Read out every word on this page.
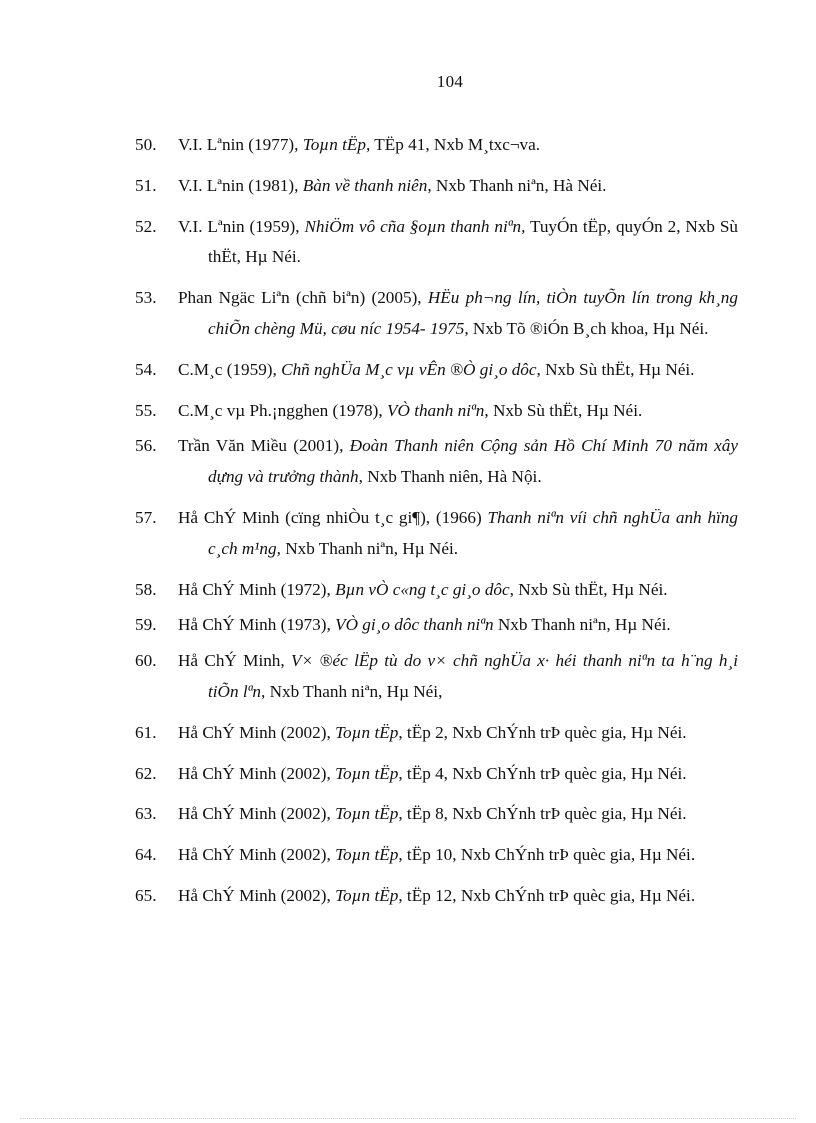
104
50.	V.I. Lªnin (1977), Toµn tËp, TËp 41, Nxb M¸txc¬va.
51.	V.I. Lªnin (1981), Bàn về thanh niên, Nxb Thanh niªn, Hà Néi.
52.	V.I. Lªnin (1959), NhiÖm vô cña §oµn thanh niªn, TuyÓn tËp, quyÓn 2, Nxb Sù thËt, Hµ Néi.
53.	Phan Ngäc Liªn (chñ biªn) (2005), HËu ph¬ng lín, tiÒn tuyÕn lín trong kh¸ng chiÕn chèng Mü, cøu níc 1954- 1975, Nxb Tõ ®iÓn B¸ch khoa, Hµ Néi.
54.	C.M¸c (1959), Chñ nghÜa M¸c vµ vÊn ®Ò gi¸o dôc, Nxb Sù thËt, Hµ Néi.
55.	C.M¸c vµ Ph.¡ngghen (1978), VÒ thanh niªn, Nxb Sù thËt, Hµ Néi.
56.	Trần Văn Miều (2001), Đoàn Thanh niên Cộng sản Hồ Chí Minh 70 năm xây dựng và trưởng thành, Nxb Thanh niên, Hà Nội.
57.	Hå ChÝ Minh (cïng nhiÒu t¸c gi¶), (1966) Thanh niªn víi chñ nghÜa anh hïng c¸ch m¹ng, Nxb Thanh niªn, Hµ Néi.
58.	Hå ChÝ Minh (1972), Bµn vÒ c«ng t¸c gi¸o dôc, Nxb Sù thËt, Hµ Néi.
59.	Hå ChÝ Minh (1973), VÒ gi¸o dôc thanh niªn Nxb Thanh niªn, Hµ Néi.
60.	Hå ChÝ Minh, V× ®éc lËp tù do v× chñ nghÜa x· héi thanh niªn ta h¨ng h¸i tiÕn lªn, Nxb Thanh niªn, Hµ Néi,
61.	Hå ChÝ Minh (2002), Toµn tËp, tËp 2, Nxb ChÝnh trÞ quèc gia, Hµ Néi.
62.	Hå ChÝ Minh (2002), Toµn tËp, tËp 4, Nxb ChÝnh trÞ quèc gia, Hµ Néi.
63.	Hå ChÝ Minh (2002), Toµn tËp, tËp 8, Nxb ChÝnh trÞ quèc gia, Hµ Néi.
64.	Hå ChÝ Minh (2002), Toµn tËp, tËp 10, Nxb ChÝnh trÞ quèc gia, Hµ Néi.
65.	Hå ChÝ Minh (2002), Toµn tËp, tËp 12, Nxb ChÝnh trÞ quèc gia, Hµ Néi.
